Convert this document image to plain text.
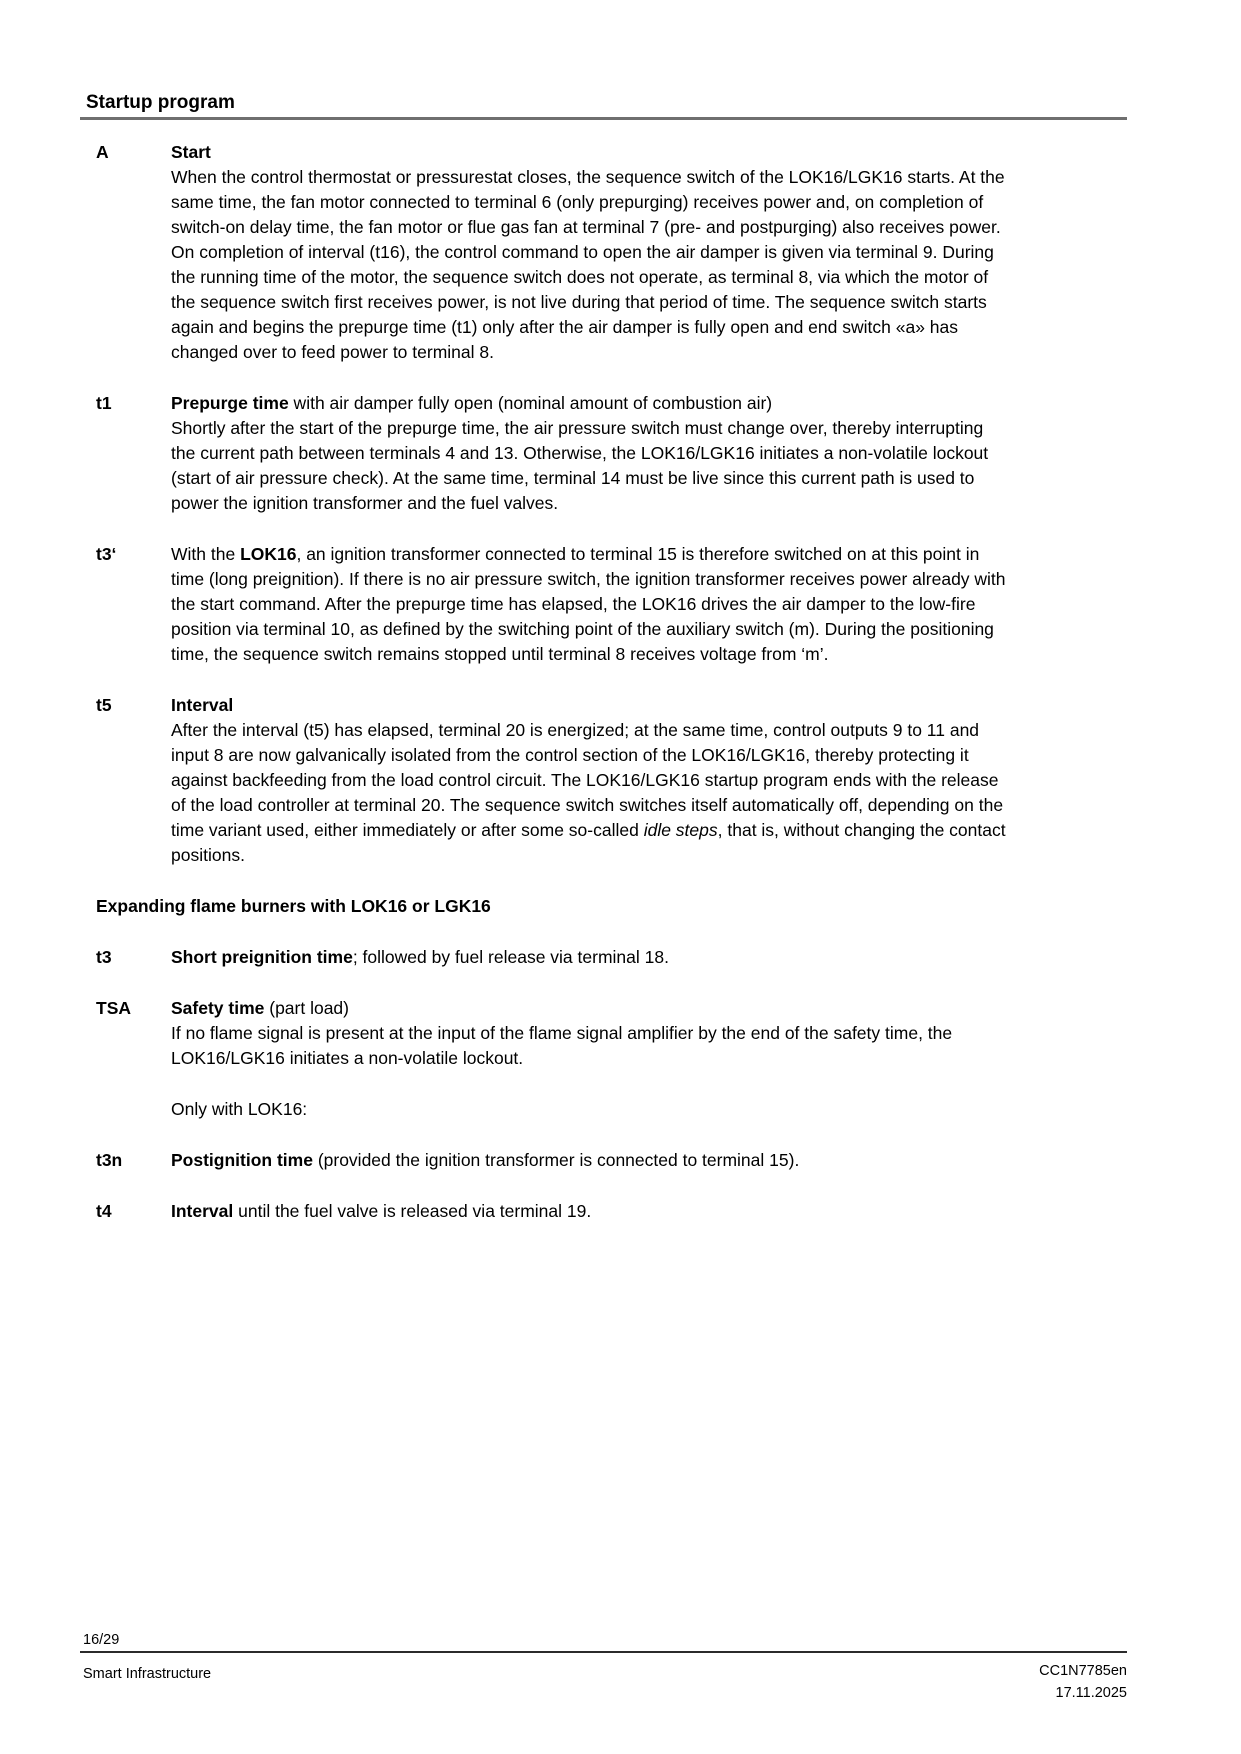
Startup program
A	Start
When the control thermostat or pressurestat closes, the sequence switch of the LOK16/LGK16 starts. At the
same time, the fan motor connected to terminal 6 (only prepurging) receives power and, on completion of
switch-on delay time, the fan motor or flue gas fan at terminal 7 (pre- and postpurging) also receives power.
On completion of interval (t16), the control command to open the air damper is given via terminal 9. During
the running time of the motor, the sequence switch does not operate, as terminal 8, via which the motor of
the sequence switch first receives power, is not live during that period of time. The sequence switch starts
again and begins the prepurge time (t1) only after the air damper is fully open and end switch «a» has
changed over to feed power to terminal 8.
t1	Prepurge time with air damper fully open (nominal amount of combustion air)
Shortly after the start of the prepurge time, the air pressure switch must change over, thereby interrupting
the current path between terminals 4 and 13. Otherwise, the LOK16/LGK16 initiates a non-volatile lockout
(start of air pressure check). At the same time, terminal 14 must be live since this current path is used to
power the ignition transformer and the fuel valves.
t3‘	With the LOK16, an ignition transformer connected to terminal 15 is therefore switched on at this point in
time (long preignition). If there is no air pressure switch, the ignition transformer receives power already with
the start command. After the prepurge time has elapsed, the LOK16 drives the air damper to the low-fire
position via terminal 10, as defined by the switching point of the auxiliary switch (m). During the positioning
time, the sequence switch remains stopped until terminal 8 receives voltage from ‘m’.
t5	Interval
After the interval (t5) has elapsed, terminal 20 is energized; at the same time, control outputs 9 to 11 and
input 8 are now galvanically isolated from the control section of the LOK16/LGK16, thereby protecting it
against backfeeding from the load control circuit. The LOK16/LGK16 startup program ends with the release
of the load controller at terminal 20. The sequence switch switches itself automatically off, depending on the
time variant used, either immediately or after some so-called idle steps, that is, without changing the contact
positions.
Expanding flame burners with LOK16 or LGK16
t3	Short preignition time; followed by fuel release via terminal 18.
TSA	Safety time (part load)
If no flame signal is present at the input of the flame signal amplifier by the end of the safety time, the
LOK16/LGK16 initiates a non-volatile lockout.
Only with LOK16:
t3n	Postignition time (provided the ignition transformer is connected to terminal 15).
t4	Interval until the fuel valve is released via terminal 19.
16/29
Smart Infrastructure	CC1N7785en
17.11.2025
